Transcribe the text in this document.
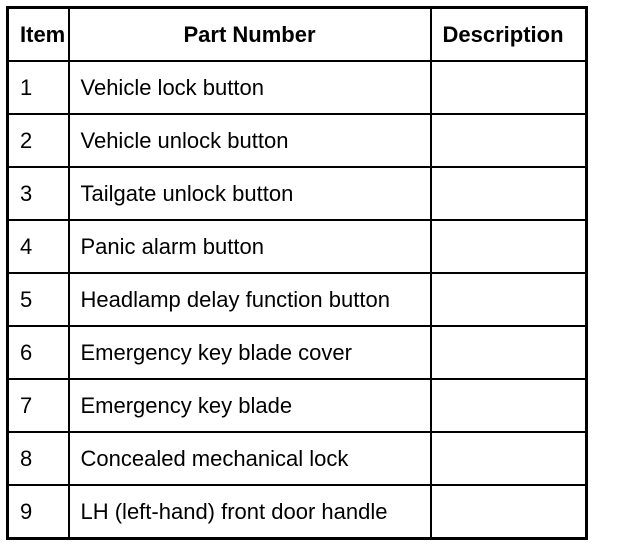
Item	Part Number	Description
1	Vehicle lock button	
2	Vehicle unlock button	
3	Tailgate unlock button	
4	Panic alarm button	
5	Headlamp delay function button	
6	Emergency key blade cover	
7	Emergency key blade	
8	Concealed mechanical lock	
9	LH (left-hand) front door handle	
